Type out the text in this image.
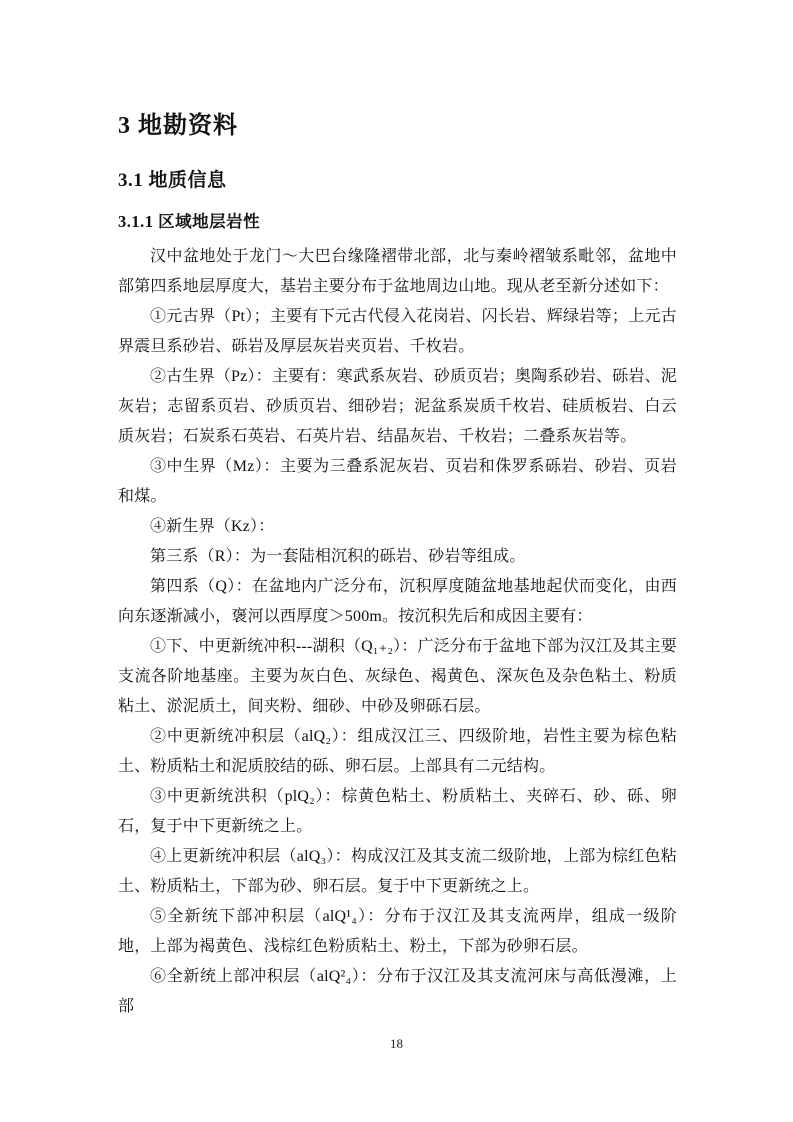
3 地勘资料
3.1 地质信息
3.1.1 区域地层岩性

汉中盆地处于龙门～大巴台缘隆褶带北部，北与秦岭褶皱系毗邻，盆地中部第四系地层厚度大，基岩主要分布于盆地周边山地。现从老至新分述如下：

①元古界（Pt）；主要有下元古代侵入花岗岩、闪长岩、辉绿岩等；上元古界震旦系砂岩、砾岩及厚层灰岩夹页岩、千枚岩。

②古生界（Pz）：主要有：寒武系灰岩、砂质页岩；奥陶系砂岩、砾岩、泥灰岩；志留系页岩、砂质页岩、细砂岩；泥盆系炭质千枚岩、硅质板岩、白云质灰岩；石炭系石英岩、石英片岩、结晶灰岩、千枚岩；二叠系灰岩等。

③中生界（Mz）：主要为三叠系泥灰岩、页岩和侏罗系砾岩、砂岩、页岩和煤。

④新生界（Kz）：

第三系（R）：为一套陆相沉积的砾岩、砂岩等组成。

第四系（Q）：在盆地内广泛分布，沉积厚度随盆地基地起伏而变化，由西向东逐渐减小，褒河以西厚度＞500m。按沉积先后和成因主要有：

①下、中更新统冲积---湖积（Q₁₊₂）：广泛分布于盆地下部为汉江及其主要支流各阶地基座。主要为灰白色、灰绿色、褐黄色、深灰色及杂色粘土、粉质粘土、淤泥质土，间夹粉、细砂、中砂及卵砾石层。

②中更新统冲积层（alQ₂）：组成汉江三、四级阶地，岩性主要为棕色粘土、粉质粘土和泥质胶结的砾、卵石层。上部具有二元结构。

③中更新统洪积（plQ₂）：棕黄色粘土、粉质粘土、夹碎石、砂、砾、卵石，复于中下更新统之上。

④上更新统冲积层（alQ₃）：构成汉江及其支流二级阶地，上部为棕红色粘土、粉质粘土，下部为砂、卵石层。复于中下更新统之上。

⑤全新统下部冲积层（alQ¹₄）：分布于汉江及其支流两岸，组成一级阶地，上部为褐黄色、浅棕红色粉质粘土、粉土，下部为砂卵石层。

⑥全新统上部冲积层（alQ²₄）：分布于汉江及其支流河床与高低漫滩，上部

18
